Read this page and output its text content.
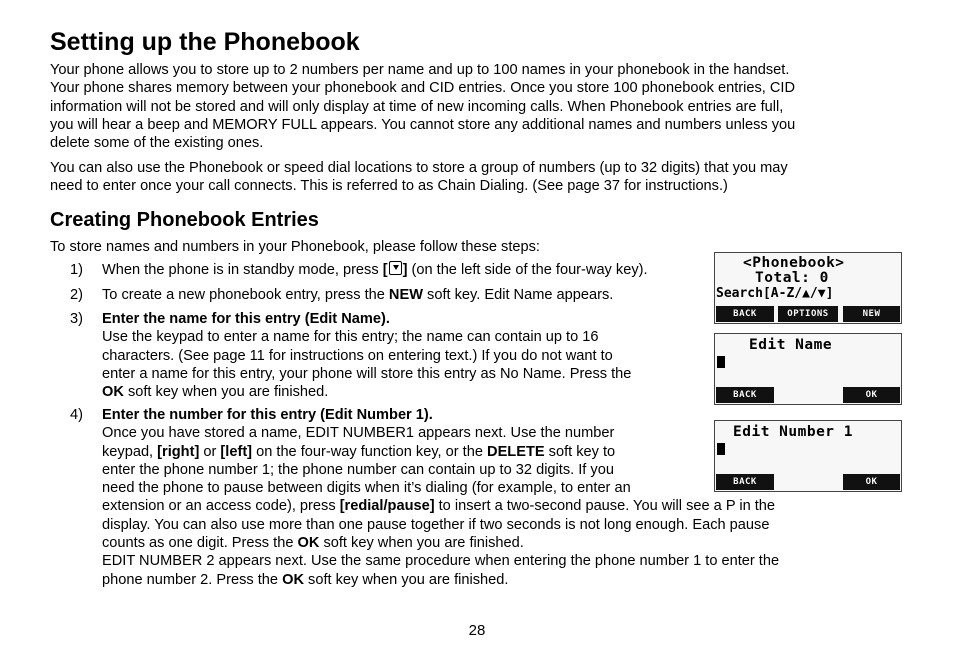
Setting up the Phonebook
Your phone allows you to store up to 2 numbers per name and up to 100 names in your phonebook in the handset.
Your phone shares memory between your phonebook and CID entries. Once you store 100 phonebook entries, CID
information will not be stored and will only display at time of new incoming calls. When Phonebook entries are full,
you will hear a beep and MEMORY FULL appears. You cannot store any additional names and numbers unless you
delete some of the existing ones.
You can also use the Phonebook or speed dial locations to store a group of numbers (up to 32 digits) that you may
need to enter once your call connects. This is referred to as Chain Dialing. (See page 37 for instructions.)
Creating Phonebook Entries
To store names and numbers in your Phonebook, please follow these steps:
1) When the phone is in standby mode, press [ ] (on the left side of the four-way key).
2) To create a new phonebook entry, press the NEW soft key. Edit Name appears.
3) Enter the name for this entry (Edit Name).
Use the keypad to enter a name for this entry; the name can contain up to 16
characters. (See page 11 for instructions on entering text.) If you do not want to
enter a name for this entry, your phone will store this entry as No Name. Press the
OK soft key when you are finished.
4) Enter the number for this entry (Edit Number 1).
Once you have stored a name, EDIT NUMBER1 appears next. Use the number
keypad, [right] or [left] on the four-way function key, or the DELETE soft key to
enter the phone number 1; the phone number can contain up to 32 digits. If you
need the phone to pause between digits when it’s dialing (for example, to enter an
extension or an access code), press [redial/pause] to insert a two-second pause. You will see a P in the
display. You can also use more than one pause together if two seconds is not long enough. Each pause
counts as one digit. Press the OK soft key when you are finished.
EDIT NUMBER 2 appears next. Use the same procedure when entering the phone number 1 to enter the
phone number 2. Press the OK soft key when you are finished.
<Phonebook>
Total: 0
Search[A-Z/▲/▼]
BACK	OPTIONS	NEW
Edit Name
BACK	OK
Edit Number 1
BACK	OK
28
